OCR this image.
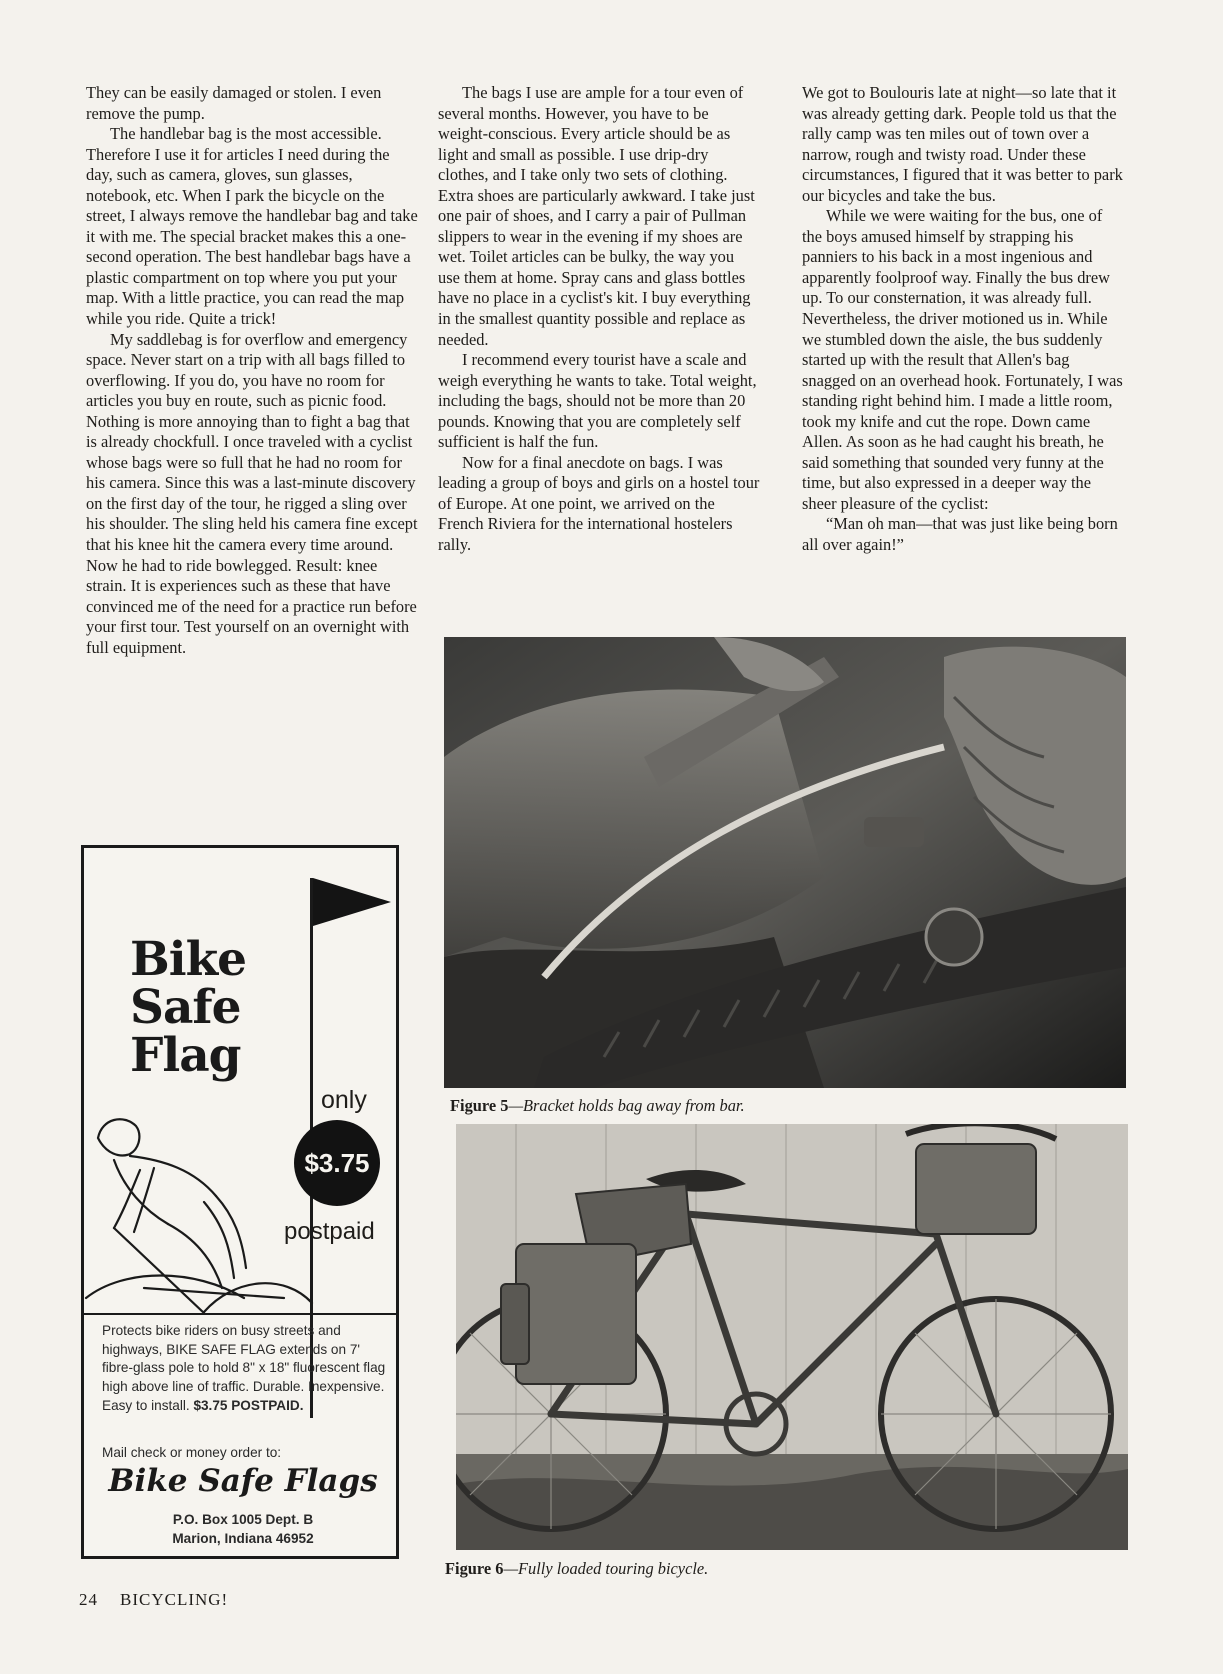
They can be easily damaged or stolen. I even remove the pump.

The handlebar bag is the most accessible. Therefore I use it for articles I need during the day, such as camera, gloves, sun glasses, notebook, etc. When I park the bicycle on the street, I always remove the handlebar bag and take it with me. The special bracket makes this a one-second operation. The best handlebar bags have a plastic compartment on top where you put your map. With a little practice, you can read the map while you ride. Quite a trick!

My saddlebag is for overflow and emergency space. Never start on a trip with all bags filled to overflowing. If you do, you have no room for articles you buy en route, such as picnic food. Nothing is more annoying than to fight a bag that is already chockfull. I once traveled with a cyclist whose bags were so full that he had no room for his camera. Since this was a last-minute discovery on the first day of the tour, he rigged a sling over his shoulder. The sling held his camera fine except that his knee hit the camera every time around. Now he had to ride bowlegged. Result: knee strain. It is experiences such as these that have convinced me of the need for a practice run before your first tour. Test yourself on an overnight with full equipment.

The bags I use are ample for a tour even of several months. However, you have to be weight-conscious. Every article should be as light and small as possible. I use drip-dry clothes, and I take only two sets of clothing. Extra shoes are particularly awkward. I take just one pair of shoes, and I carry a pair of Pullman slippers to wear in the evening if my shoes are wet. Toilet articles can be bulky, the way you use them at home. Spray cans and glass bottles have no place in a cyclist's kit. I buy everything in the smallest quantity possible and replace as needed.

I recommend every tourist have a scale and weigh everything he wants to take. Total weight, including the bags, should not be more than 20 pounds. Knowing that you are completely self sufficient is half the fun.

Now for a final anecdote on bags. I was leading a group of boys and girls on a hostel tour of Europe. At one point, we arrived on the French Riviera for the international hostelers rally.

We got to Boulouris late at night—so late that it was already getting dark. People told us that the rally camp was ten miles out of town over a narrow, rough and twisty road. Under these circumstances, I figured that it was better to park our bicycles and take the bus.

While we were waiting for the bus, one of the boys amused himself by strapping his panniers to his back in a most ingenious and apparently foolproof way. Finally the bus drew up. To our consternation, it was already full. Nevertheless, the driver motioned us in. While we stumbled down the aisle, the bus suddenly started up with the result that Allen's bag snagged on an overhead hook. Fortunately, I was standing right behind him. I made a little room, took my knife and cut the rope. Down came Allen. As soon as he had caught his breath, he said something that sounded very funny at the time, but also expressed in a deeper way the sheer pleasure of the cyclist:

“Man oh man—that was just like being born all over again!”

Bike Safe Flag
only
$3.75
postpaid
Protects bike riders on busy streets and highways, BIKE SAFE FLAG extends on 7' fibre-glass pole to hold 8" x 18" fluorescent flag high above line of traffic. Durable. Inexpensive. Easy to install. $3.75 POSTPAID.
Mail check or money order to:
Bike Safe Flags
P.O. Box 1005 Dept. B
Marion, Indiana 46952
Figure 5—Bracket holds bag away from bar.
Figure 6—Fully loaded touring bicycle.
24 BICYCLING!
